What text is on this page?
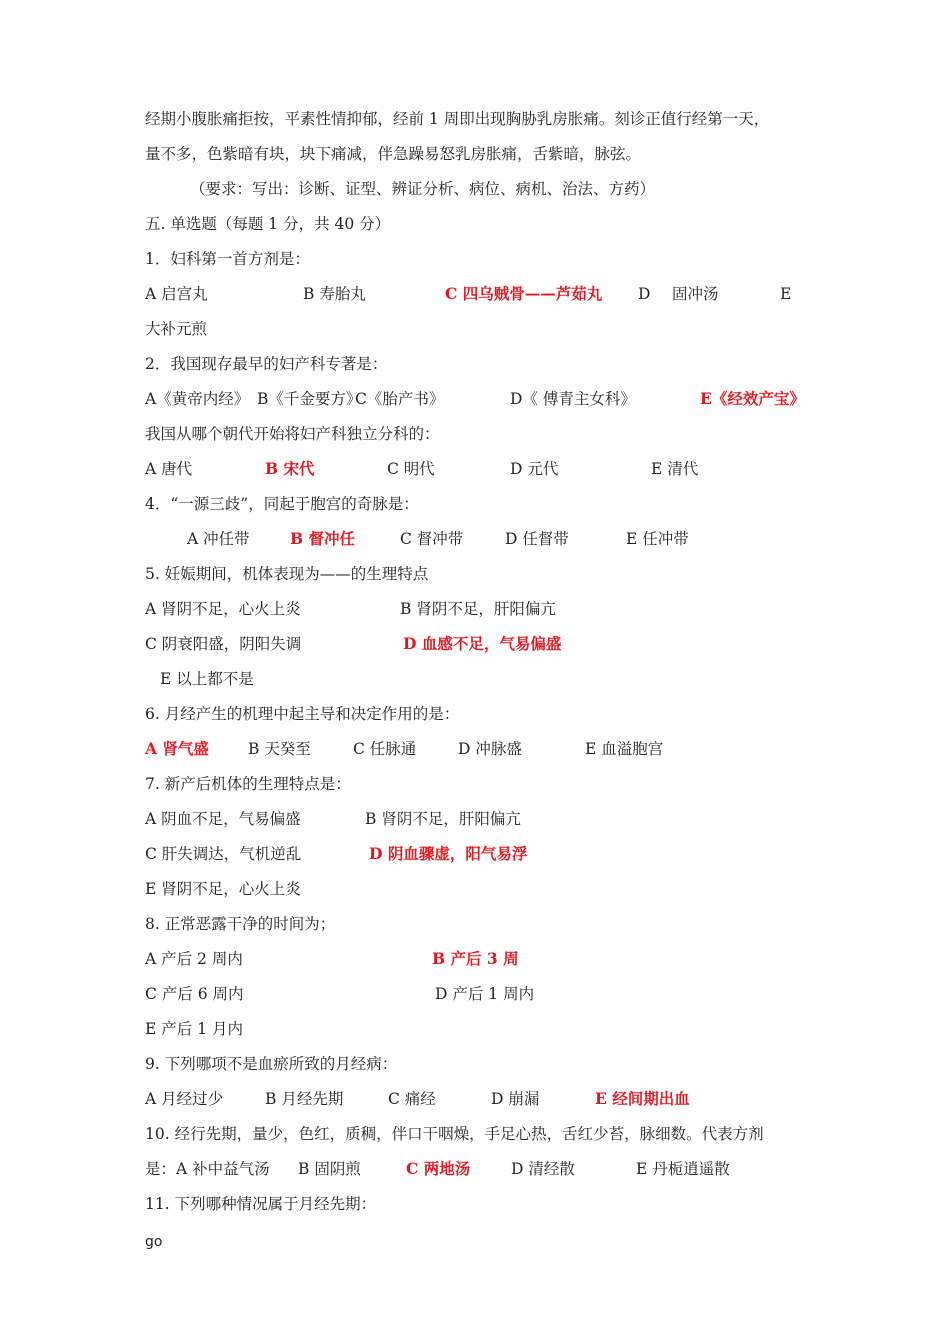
经期小腹胀痛拒按，平素性情抑郁，经前 1 周即出现胸胁乳房胀痛。刻诊正值行经第一天，
量不多，色紫暗有块，块下痛减，伴急躁易怒乳房胀痛，舌紫暗，脉弦。
（要求：写出：诊断、证型、辨证分析、病位、病机、治法、方药）
五. 单选题（每题 1 分，共 40 分）
1．妇科第一首方剂是：
A 启宫丸	B 寿胎丸	C 四乌贼骨——芦茹丸 D 固冲汤	E
大补元煎
2．我国现存最早的妇产科专著是：
A《黄帝内经》 B《千金要方》
C《胎产书》	D《 傅青主女科》	E《经效产宝》
我国从哪个朝代开始将妇产科独立分科的：
A 唐代	B 宋代	C 明代	D 元代	E 清代
4．“一源三歧”，同起于胞宫的奇脉是：
A 冲任带	B 督冲任	C 督冲带	D 任督带	E 任冲带
5. 妊娠期间，机体表现为——的生理特点
A 肾阴不足，心火上炎	B 肾阴不足，肝阳偏亢
C 阴衰阳盛，阴阳失调	D 血感不足，气易偏盛
E 以上都不是
6. 月经产生的机理中起主导和决定作用的是：
A 肾气盛	B 天癸至	C 任脉通	D 冲脉盛	E 血溢胞宫
7. 新产后机体的生理特点是：
A 阴血不足，气易偏盛	B 肾阴不足，肝阳偏亢
C 肝失调达，气机逆乱	D 阴血骤虚，阳气易浮
E 肾阴不足，心火上炎
8. 正常恶露干净的时间为；
A 产后 2 周内	B 产后 3 周
C 产后 6 周内	D 产后 1 周内
E 产后 1 月内
9. 下列哪项不是血瘀所致的月经病：
A 月经过少	B 月经先期	C 痛经	D 崩漏	E 经间期出血
10. 经行先期，量少，色红，质稠，伴口干咽燥，手足心热，舌红少苔，脉细数。代表方剂
是：A 补中益气汤 B 固阴煎	C 两地汤	D 清经散	E 丹栀逍遥散
11. 下列哪种情况属于月经先期：
go
